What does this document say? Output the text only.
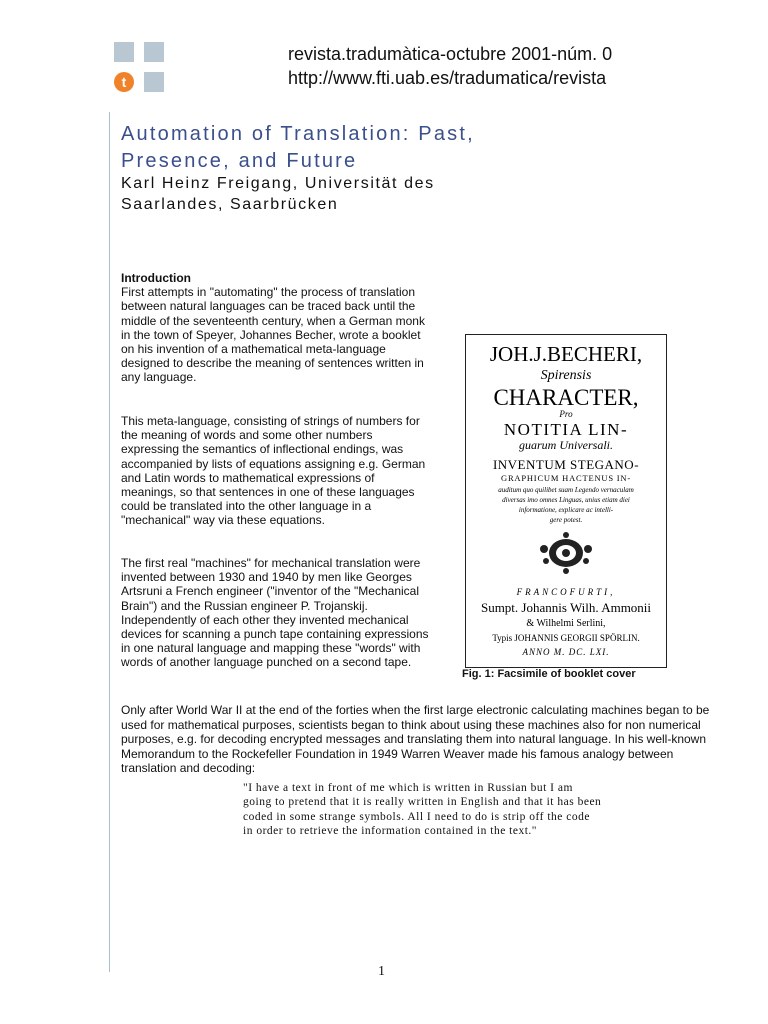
t
revista.tradumàtica-octubre 2001-núm. 0
http://www.fti.uab.es/tradumatica/revista
Automation of Translation: Past, Presence, and Future

Karl Heinz Freigang, Universität des Saarlandes, Saarbrücken

Introduction
First attempts in "automating" the process of translation between natural languages can be traced back until the middle of the seventeenth century, when a German monk in the town of Speyer, Johannes Becher, wrote a booklet on his invention of a mathematical meta-language designed to describe the meaning of sentences written in any language.

This meta-language, consisting of strings of numbers for the meaning of words and some other numbers expressing the semantics of inflectional endings, was accompanied by lists of equations assigning e.g. German and Latin words to mathematical expressions of meanings, so that sentences in one of these languages could be translated into the other language in a "mechanical" way via these equations.

The first real "machines" for mechanical translation were invented between 1930 and 1940 by men like Georges Artsruni a French engineer ("inventor of the "Mechanical Brain") and the Russian engineer P. Trojanskij. Independently of each other they invented mechanical devices for scanning a punch tape containing expressions in one natural language and mapping these "words" with words of another language punched on a second tape.

JOH.J.BECHERI,
Spirensis
CHARACTER,
Pro
NOTITIA LIN-
guarum Universali.
INVENTUM STEGANO-
GRAPHICUM HACTENUS IN-
auditum quo quilibet suam Legendo vernaculam
diversas imo omnes Linguas, unius etiam diei
informatione, explicare ac intelli-
gere potest.
FRANCOFURTI,
Sumpt. Johannis Wilh. Ammonii
& Wilhelmi Serlini,
Typis JOHANNIS GEORGII SPÖRLIN.
ANNO M. DC. LXI.
Fig. 1: Facsimile of booklet cover

Only after World War II at the end of the forties when the first large electronic calculating machines began to be used for mathematical purposes, scientists began to think about using these machines also for non numerical purposes, e.g. for decoding encrypted messages and translating them into natural language. In his well-known Memorandum to the Rockefeller Foundation in 1949 Warren Weaver made his famous analogy between translation and decoding:

"I have a text in front of me which is written in Russian but I am going to pretend that it is really written in English and that it has been coded in some strange symbols. All I need to do is strip off the code in order to retrieve the information contained in the text."

1
